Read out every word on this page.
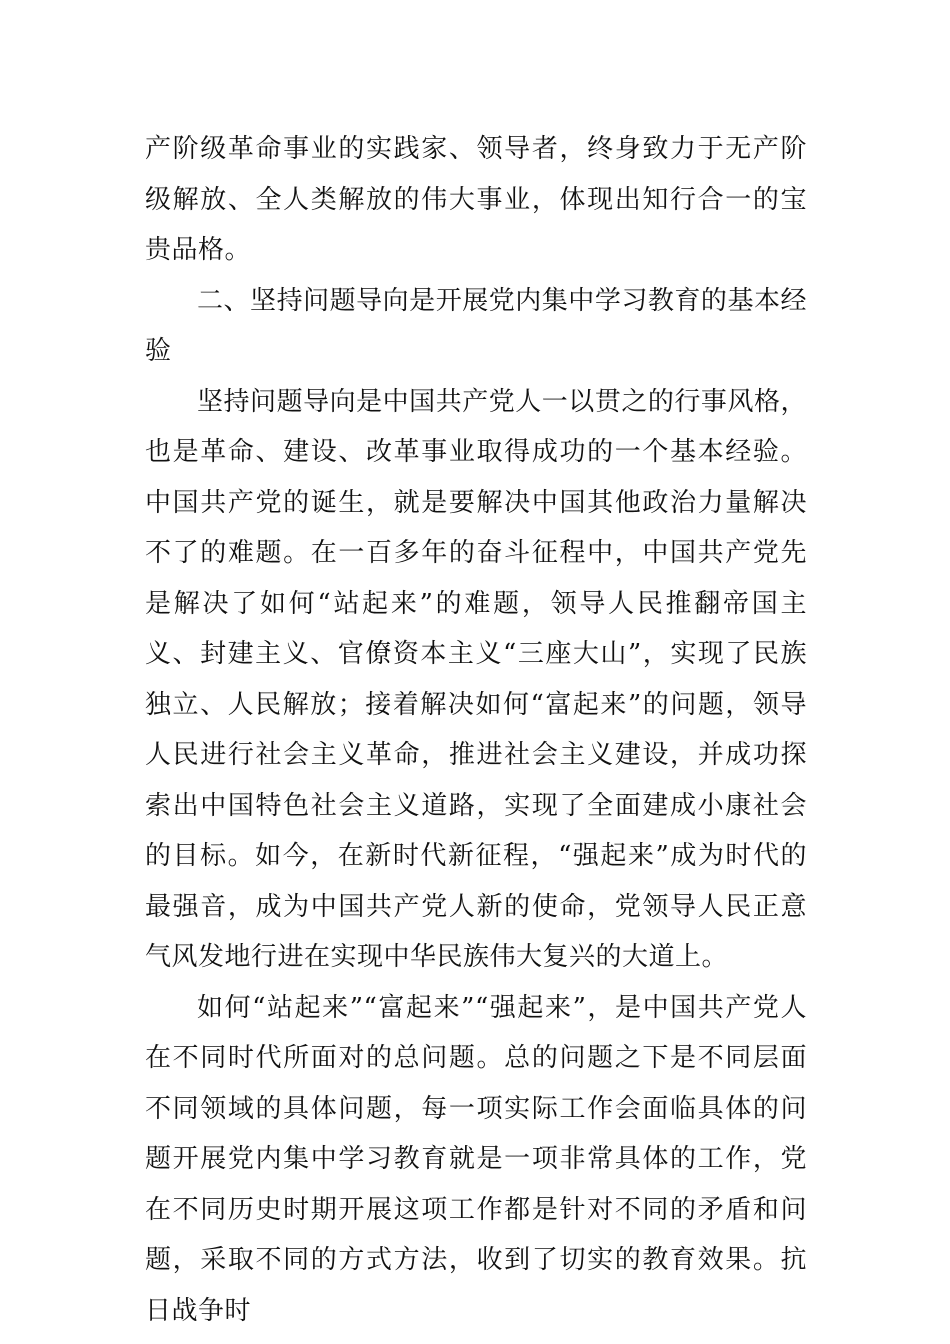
产阶级革命事业的实践家、领导者，终身致力于无产阶级解放、全人类解放的伟大事业，体现出知行合一的宝贵品格。

二、坚持问题导向是开展党内集中学习教育的基本经验

坚持问题导向是中国共产党人一以贯之的行事风格，也是革命、建设、改革事业取得成功的一个基本经验。中国共产党的诞生，就是要解决中国其他政治力量解决不了的难题。在一百多年的奋斗征程中，中国共产党先是解决了如何“站起来”的难题，领导人民推翻帝国主义、封建主义、官僚资本主义“三座大山”，实现了民族独立、人民解放；接着解决如何“富起来”的问题，领导人民进行社会主义革命，推进社会主义建设，并成功探索出中国特色社会主义道路，实现了全面建成小康社会的目标。如今，在新时代新征程，“强起来”成为时代的最强音，成为中国共产党人新的使命，党领导人民正意气风发地行进在实现中华民族伟大复兴的大道上。

如何“站起来”“富起来”“强起来”，是中国共产党人在不同时代所面对的总问题。总的问题之下是不同层面不同领域的具体问题，每一项实际工作会面临具体的问题开展党内集中学习教育就是一项非常具体的工作，党在不同历史时期开展这项工作都是针对不同的矛盾和问题，采取不同的方式方法，收到了切实的教育效果。抗日战争时
